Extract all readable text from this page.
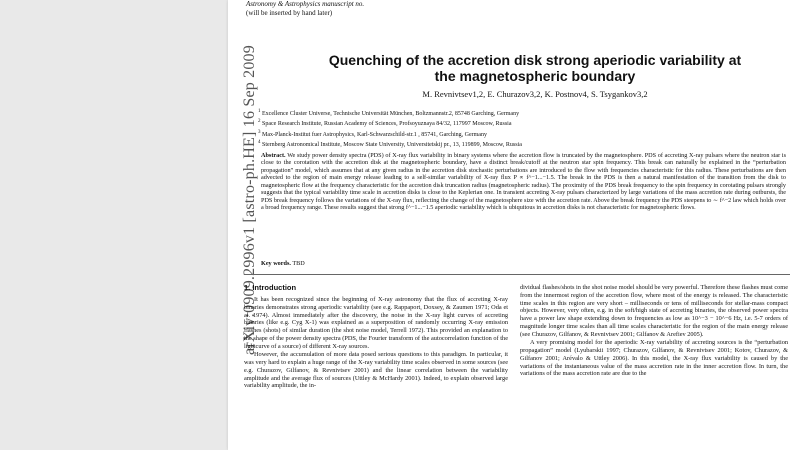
arXiv:0909.2996v1 [astro-ph.HE] 16 Sep 2009
Astronomy & Astrophysics manuscript no.
(will be inserted by hand later)
Quenching of the accretion disk strong aperiodic variability at
the magnetospheric boundary
M. Revnivtsev1,2, E. Churazov3,2, K. Postnov4, S. Tsygankov3,2
$^1$ Excellence Cluster Universe, Technische Universität München, Boltzmannstr.2, 85748 Garching, Germany
$^2$ Space Research Institute, Russian Academy of Sciences, Profsoyuznaya 84/32, 117997 Moscow, Russia
$^3$ Max-Planck-Institut fuer Astrophysics, Karl-Schwarzschild-str.1 , 85741, Garching, Germany
$^4$ Sternberg Astronomical Institute, Moscow State University, Universitetskij pr., 13, 119899, Moscow, Russia
Abstract. We study power density spectra (PDS) of X-ray flux variability in binary systems where the accretion flow is truncated by the magnetosphere. PDS of accreting X-ray pulsars where the neutron star is close to the corotation with the accretion disk at the magnetospheric boundary, have a distinct break/cutoff at the neutron star spin frequency. This break can naturally be explained in the “perturbation propagation” model, which assumes that at any given radius in the accretion disk stochastic perturbations are introduced to the flow with frequencies characteristic for this radius. These perturbations are then advected to the region of main energy release leading to a self-similar variability of X-ray flux P ∝ f^−1...−1.5. The break in the PDS is then a natural manifestation of the transition from the disk to magnetospheric flow at the frequency characteristic for the accretion disk truncation radius (magnetospheric radius). The proximity of the PDS break frequency to the spin frequency in corotating pulsars strongly suggests that the typical variability time scale in accretion disks is close to the Keplerian one. In transient accreting X-ray pulsars characterized by large variations of the mass accretion rate during outbursts, the PDS break frequency follows the variations of the X-ray flux, reflecting the change of the magnetosphere size with the accretion rate. Above the break frequency the PDS steepens to ∼ f^−2 law which holds over a broad frequency range. These results suggest that strong f^−1...−1.5 aperiodic variability which is ubiquitous in accretion disks is not characteristic for magnetospheric flows.
Key words. TBD
1. Introduction

It has been recognized since the beginning of X-ray astronomy that the flux of accreting X-ray binaries demonstrates strong aperiodic variability (see e.g. Rappaport, Doxsey, & Zaumen 1971; Oda et al. 1974). Almost immediately after the discovery, the noise in the X-ray light curves of accreting binaries (like e.g. Cyg X-1) was explained as a superposition of randomly occurring X-ray emission flashes (shots) of similar duration (the shot noise model, Terrell 1972). This provided an explanation to the shape of the power density spectra (PDS, the Fourier transform of the autocorrelation function of the lightcurve of a source) of different X-ray sources.

However, the accumulation of more data posed serious questions to this paradigm. In particular, it was very hard to explain a huge range of the X-ray variability time scales observed in some sources (see e.g. Churazov, Gilfanov, & Revnivtsev 2001) and the linear correlation between the variability amplitude and the average flux of sources (Uttley & McHardy 2001). Indeed, to explain observed large variability amplitude, the in-

dividual flashes/shots in the shot noise model should be very powerful. Therefore these flashes must come from the innermost region of the accretion flow, where most of the energy is released. The characteristic time scales in this region are very short – milliseconds or tens of milliseconds for stellar-mass compact objects. However, very often, e.g. in the soft/high state of accreting binaries, the observed power spectra have a power law shape extending down to frequencies as low as 10^−3 − 10^−6 Hz, i.e. 5-7 orders of magnitude longer time scales than all time scales characteristic for the region of the main energy release (see Churazov, Gilfanov, & Revnivtsev 2001; Gilfanov & Arefiev 2005).

A very promising model for the aperiodic X-ray variability of accreting sources is the “perturbation propagation” model (Lyubarskii 1997; Churazov, Gilfanov, & Revnivtsev 2001; Kotov, Churazov, & Gilfanov 2001; Arévalo & Uttley 2006). In this model, the X-ray flux variability is caused by the variations of the instantaneous value of the mass accretion rate in the inner accretion flow. In turn, the variations of the mass accretion rate are due to the
